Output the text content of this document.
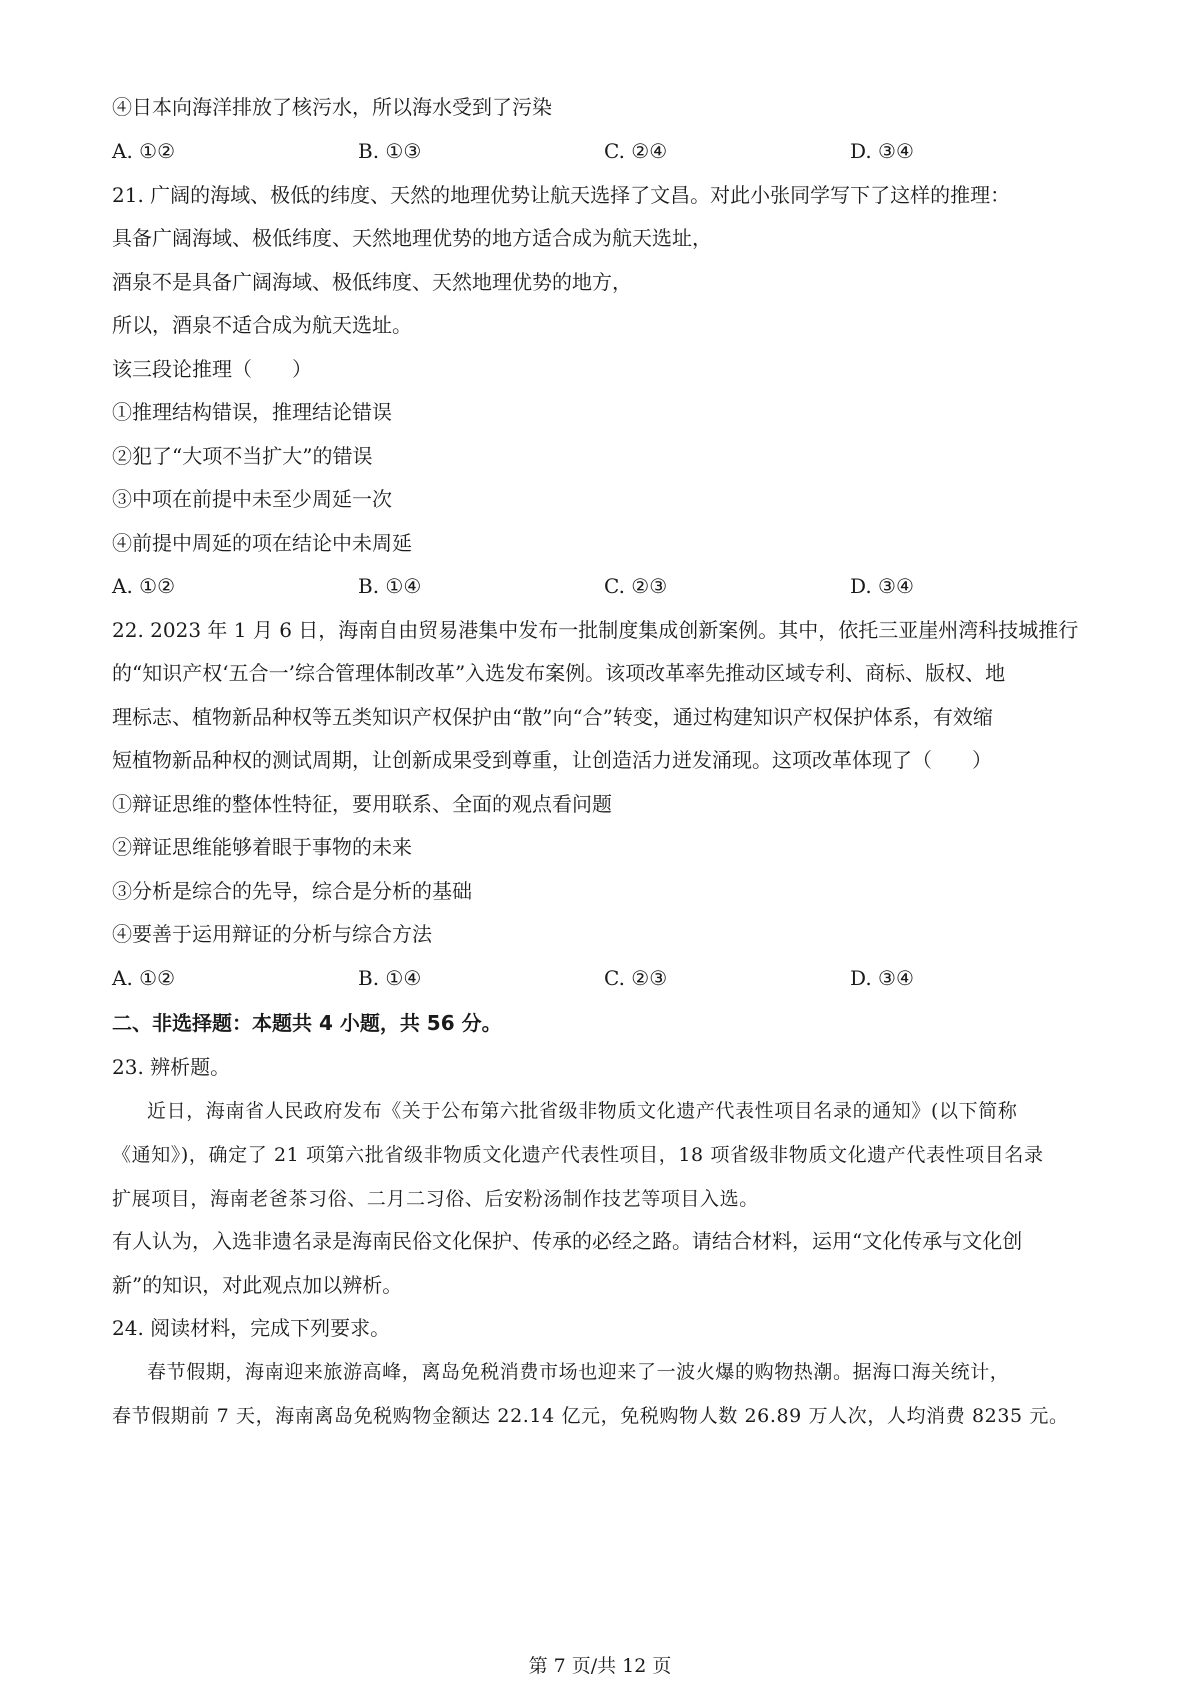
④日本向海洋排放了核污水，所以海水受到了污染
A. ①②	B. ①③	C. ②④	D. ③④
21. 广阔的海域、极低的纬度、天然的地理优势让航天选择了文昌。对此小张同学写下了这样的推理：
具备广阔海域、极低纬度、天然地理优势的地方适合成为航天选址，
酒泉不是具备广阔海域、极低纬度、天然地理优势的地方，
所以，酒泉不适合成为航天选址。
该三段论推理（　　）
①推理结构错误，推理结论错误
②犯了“大项不当扩大”的错误
③中项在前提中未至少周延一次
④前提中周延的项在结论中未周延
A. ①②	B. ①④	C. ②③	D. ③④
22. 2023 年 1 月 6 日，海南自由贸易港集中发布一批制度集成创新案例。其中，依托三亚崖州湾科技城推行
的“知识产权‘五合一’综合管理体制改革”入选发布案例。该项改革率先推动区域专利、商标、版权、地
理标志、植物新品种权等五类知识产权保护由“散”向“合”转变，通过构建知识产权保护体系，有效缩
短植物新品种权的测试周期，让创新成果受到尊重，让创造活力迸发涌现。这项改革体现了（　　）
①辩证思维的整体性特征，要用联系、全面的观点看问题
②辩证思维能够着眼于事物的未来
③分析是综合的先导，综合是分析的基础
④要善于运用辩证的分析与综合方法
A. ①②	B. ①④	C. ②③	D. ③④
二、非选择题：本题共 4 小题，共 56 分。
23. 辨析题。
近日，海南省人民政府发布《关于公布第六批省级非物质文化遗产代表性项目名录的通知》(以下简称
《通知》)，确定了 21 项第六批省级非物质文化遗产代表性项目，18 项省级非物质文化遗产代表性项目名录
扩展项目，海南老爸茶习俗、二月二习俗、后安粉汤制作技艺等项目入选。
有人认为，入选非遗名录是海南民俗文化保护、传承的必经之路。请结合材料，运用“文化传承与文化创
新”的知识，对此观点加以辨析。
24. 阅读材料，完成下列要求。
春节假期，海南迎来旅游高峰，离岛免税消费市场也迎来了一波火爆的购物热潮。据海口海关统计，
春节假期前 7 天，海南离岛免税购物金额达 22.14 亿元，免税购物人数 26.89 万人次，人均消费 8235 元。
第 7 页/共 12 页
